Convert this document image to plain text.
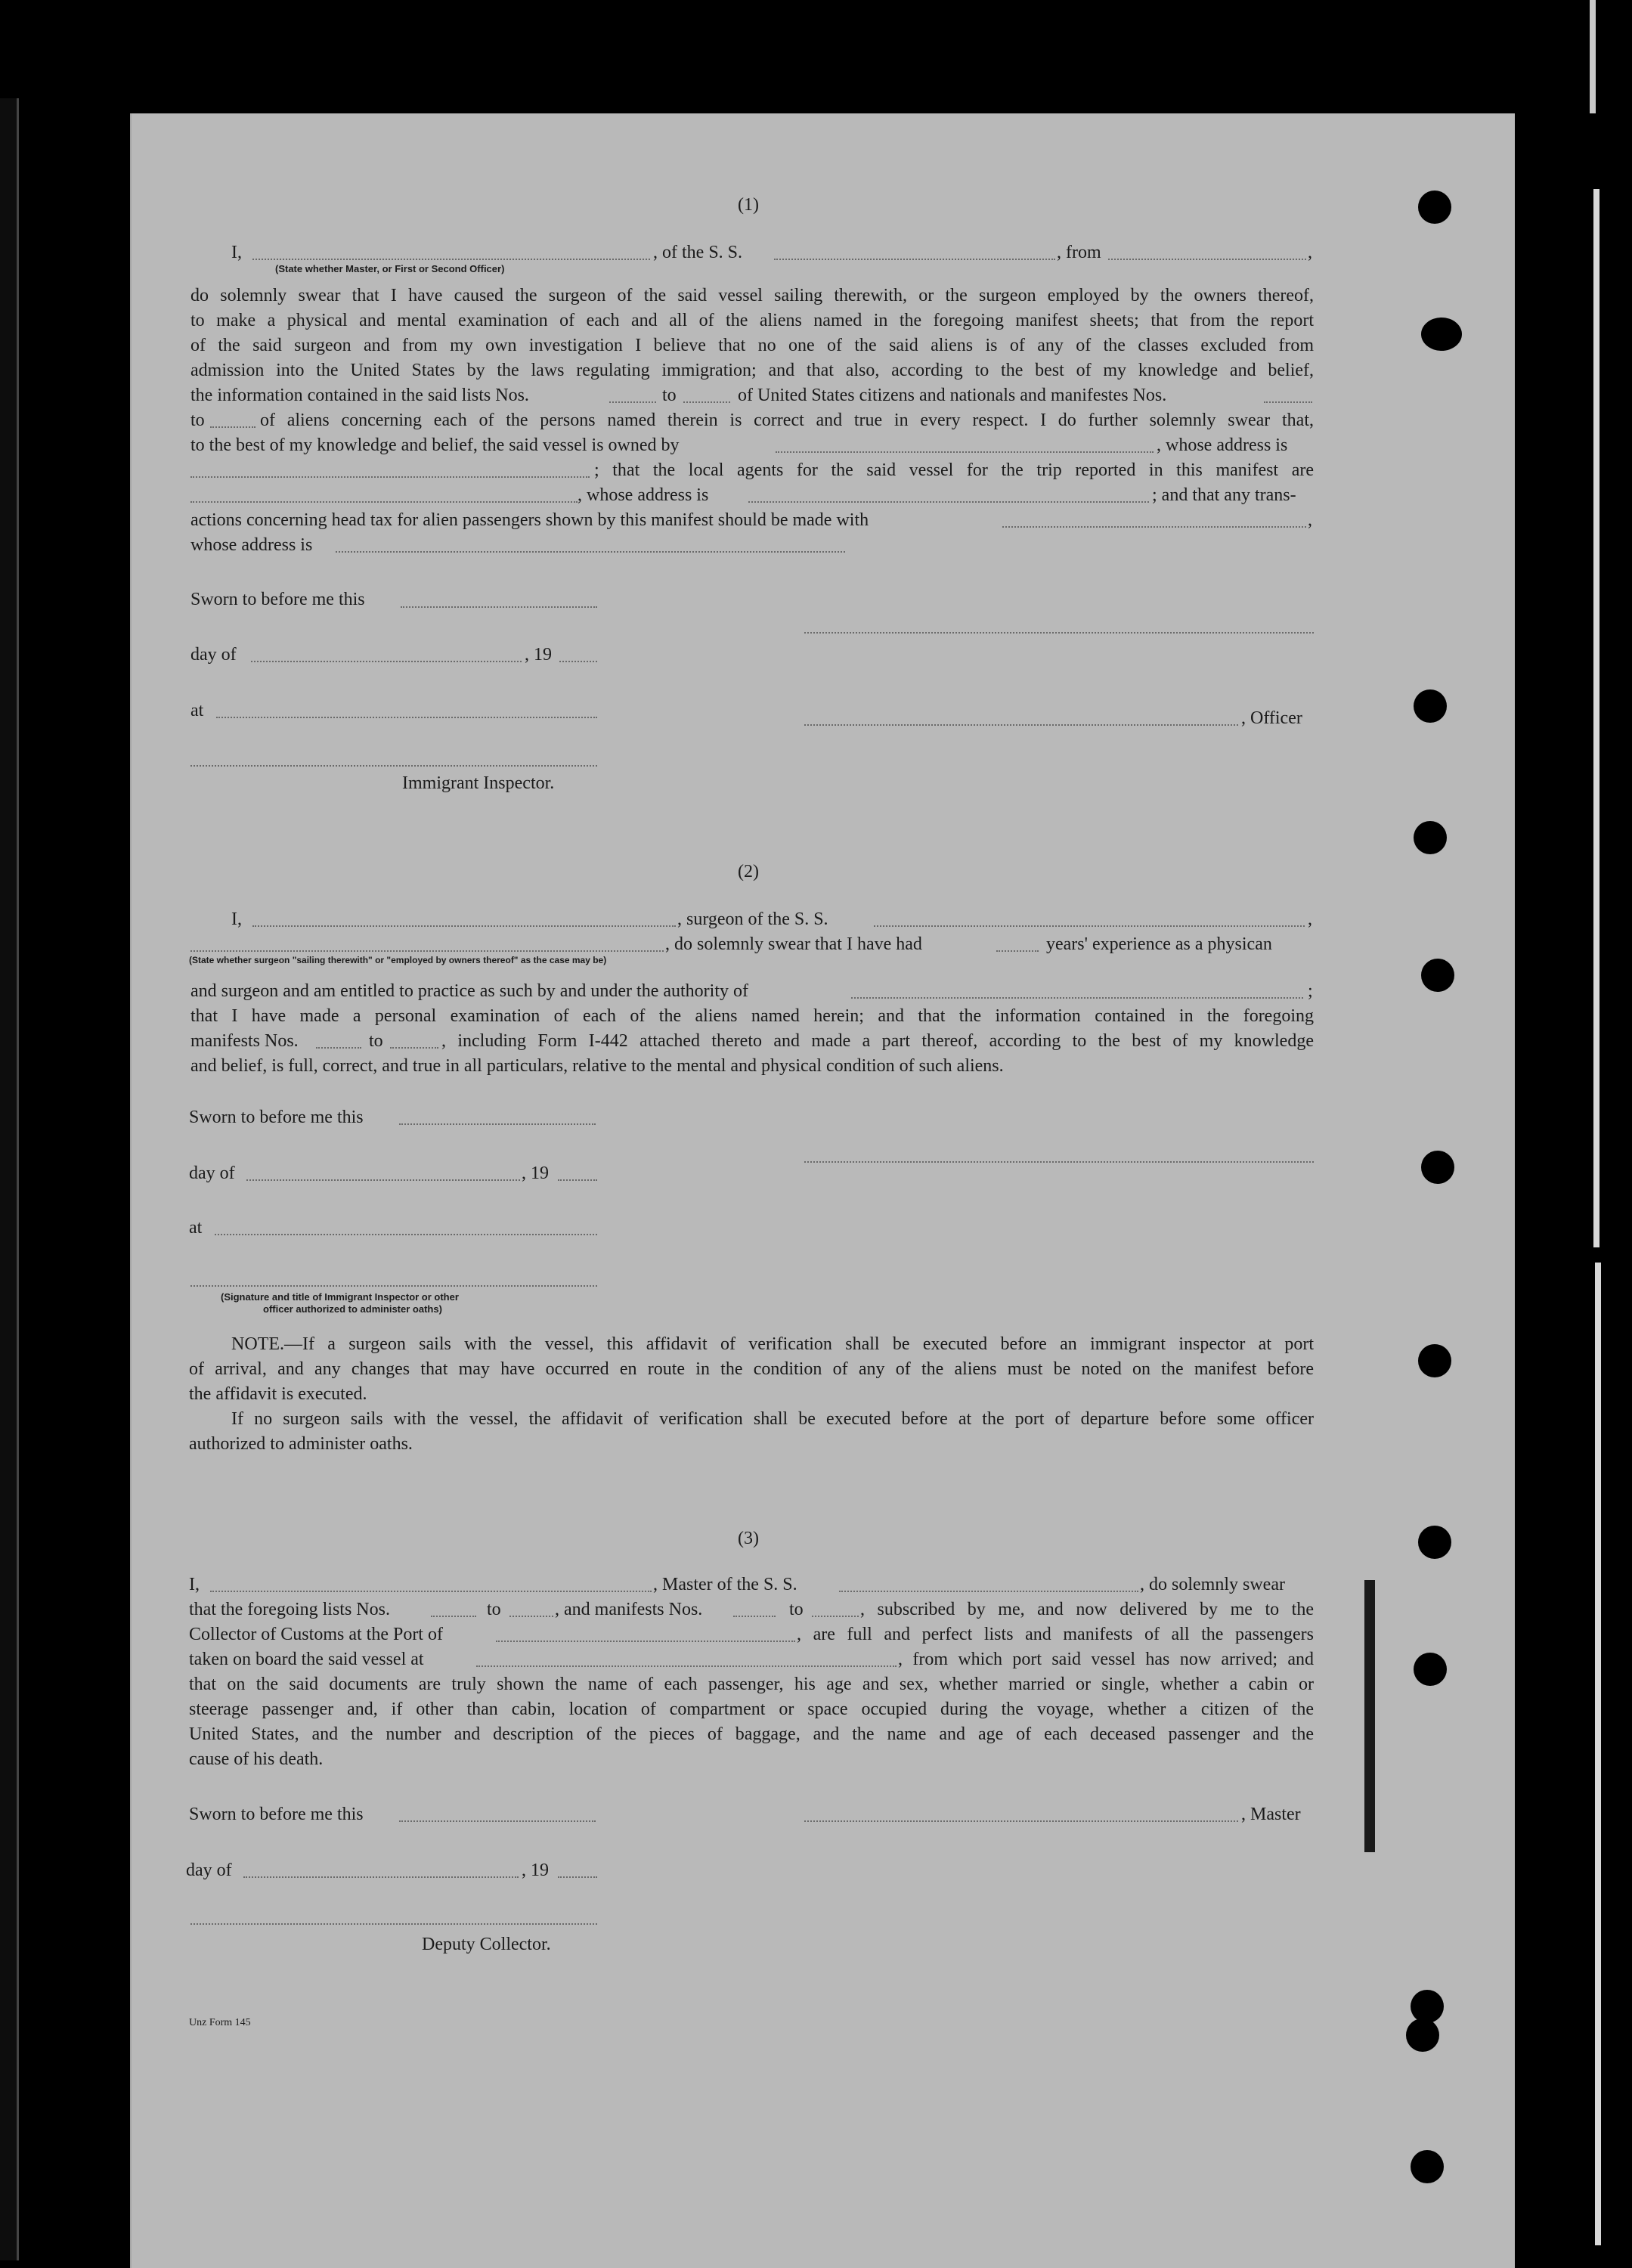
(1)
I,	, of the S. S.	, from	,
(State whether Master, or First or Second Officer)
do solemnly swear that I have caused the surgeon of the said vessel sailing therewith, or the surgeon employed by the owners thereof,
to make a physical and mental examination of each and all of the aliens named in the foregoing manifest sheets; that from the report
of the said surgeon and from my own investigation I believe that no one of the said aliens is of any of the classes excluded from
admission into the United States by the laws regulating immigration; and that also, according to the best of my knowledge and belief,
the information contained in the said lists Nos.	to	of United States citizens and nationals and manifestes Nos.
to	of aliens concerning each of the persons named therein is correct and true in every respect. I do further solemnly swear that,
to the best of my knowledge and belief, the said vessel is owned by	, whose address is
; that the local agents for the said vessel for the trip reported in this manifest are
, whose address is	; and that any trans-
actions concerning head tax for alien passengers shown by this manifest should be made with	,
whose address is
Sworn to before me this
day of	, 19
at	, Officer
Immigrant Inspector.
(2)
I,	, surgeon of the S. S.	,
, do solemnly swear that I have had	years' experience as a physican
(State whether surgeon "sailing therewith" or "employed by owners thereof" as the case may be)
and surgeon and am entitled to practice as such by and under the authority of	;
that I have made a personal examination of each of the aliens named herein; and that the information contained in the foregoing
manifests Nos.	to	, including Form I-442 attached thereto and made a part thereof, according to the best of my knowledge
and belief, is full, correct, and true in all particulars, relative to the mental and physical condition of such aliens.
Sworn to before me this
day of	, 19
at
(Signature and title of Immigrant Inspector or other
officer authorized to administer oaths)
NOTE.—If a surgeon sails with the vessel, this affidavit of verification shall be executed before an immigrant inspector at port
of arrival, and any changes that may have occurred en route in the condition of any of the aliens must be noted on the manifest before
the affidavit is executed.
If no surgeon sails with the vessel, the affidavit of verification shall be executed before at the port of departure before some officer
authorized to administer oaths.
(3)
I,	, Master of the S. S.	, do solemnly swear
that the foregoing lists Nos.	to	, and manifests Nos.	to	, subscribed by me, and now delivered by me to the
Collector of Customs at the Port of	, are full and perfect lists and manifests of all the passengers
taken on board the said vessel at	, from which port said vessel has now arrived; and
that on the said documents are truly shown the name of each passenger, his age and sex, whether married or single, whether a cabin or
steerage passenger and, if other than cabin, location of compartment or space occupied during the voyage, whether a citizen of the
United States, and the number and description of the pieces of baggage, and the name and age of each deceased passenger and the
cause of his death.
Sworn to before me this	, Master
day of	, 19
Deputy Collector.
Unz Form 145
